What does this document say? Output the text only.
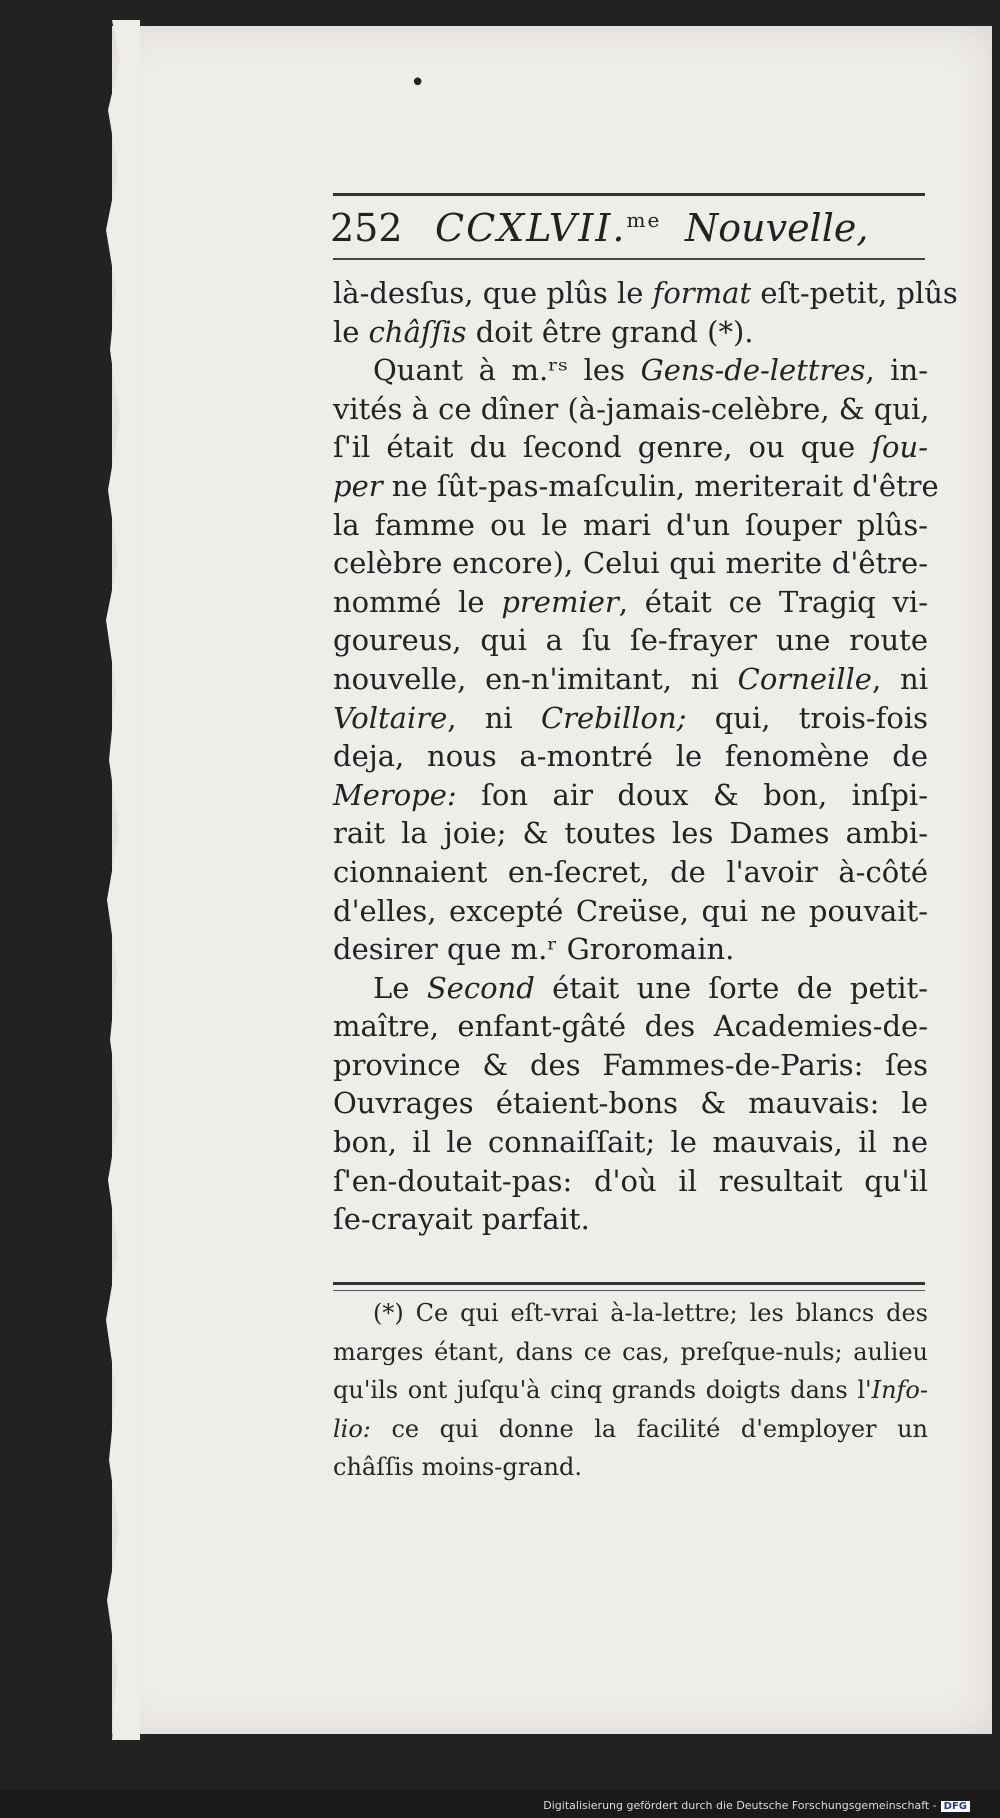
•
252 CCXLVII.$^{me}$ Nouvelle,
là-desſus, que plûs le format eſt-petit, plûs
le châſſis doit être grand (*).
Quant à m.ʳˢ les Gens-de-lettres, in-
vités à ce dîner (à-jamais-celèbre, & qui,
ſ'il était du ſecond genre, ou que ſou-
per ne ſût-pas-maſculin, meriterait d'être
la famme ou le mari d'un ſouper plûs-
celèbre encore), Celui qui merite d'être-
nommé le premier, était ce Tragiq vi-
goureus, qui a ſu ſe-frayer une route
nouvelle, en-n'imitant, ni Corneille, ni
Voltaire, ni Crebillon; qui, trois-fois
deja, nous a-montré le fenomène de
Merope: ſon air doux & bon, inſpi-
rait la joie; & toutes les Dames ambi-
cionnaient en-ſecret, de l'avoir à-côté
d'elles, excepté Creüse, qui ne pouvait-
desirer que m.ʳ Groromain.
Le Second était une ſorte de petit-
maître, enfant-gâté des Academies-de-
province & des Fammes-de-Paris: ſes
Ouvrages étaient-bons & mauvais: le
bon, il le connaiſſait; le mauvais, il ne
ſ'en-doutait-pas: d'où il resultait qu'il
ſe-crayait parfait.
(*) Ce qui eſt-vrai à-la-lettre; les blancs des
marges étant, dans ce cas, preſque-nuls; aulieu
qu'ils ont juſqu'à cinq grands doigts dans l'Info-
lio: ce qui donne la facilité d'employer un
châſſis moins-grand.
Digitalisierung gefördert durch die Deutsche Forschungsgemeinschaft - DFG
